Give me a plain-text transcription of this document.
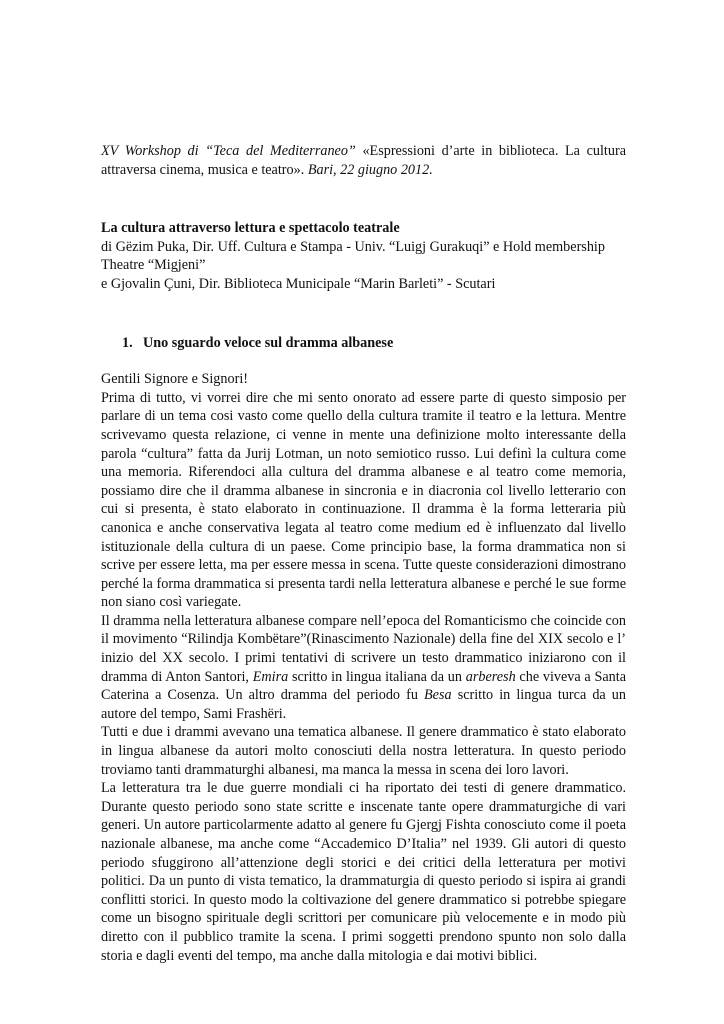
XV Workshop di “Teca del Mediterraneo” «Espressioni d’arte in biblioteca. La cultura attraversa cinema, musica e teatro». Bari, 22 giugno 2012.

La cultura attraverso lettura e spettacolo teatrale
di Gëzim Puka, Dir. Uff. Cultura e Stampa - Univ. “Luigj Gurakuqi” e Hold membership Theatre “Migjeni”
e Gjovalin Çuni, Dir. Biblioteca Municipale “Marin Barleti” - Scutari
1. Uno sguardo veloce sul dramma albanese

Gentili Signore e Signori!

Prima di tutto, vi vorrei dire che mi sento onorato ad essere parte di questo simposio per parlare di un tema cosi vasto come quello della cultura tramite il teatro e la lettura. Mentre scrivevamo questa relazione, ci venne in mente una definizione molto interessante della parola “cultura” fatta da Jurij Lotman, un noto semiotico russo. Lui definì la cultura come una memoria. Riferendoci alla cultura del dramma albanese e al teatro come memoria, possiamo dire che il dramma albanese in sincronia e in diacronia col livello letterario con cui si presenta, è stato elaborato in continuazione. Il dramma è la forma letteraria più canonica e anche conservativa legata al teatro come medium ed è influenzato dal livello istituzionale della cultura di un paese. Come principio base, la forma drammatica non si scrive per essere letta, ma per essere messa in scena. Tutte queste considerazioni dimostrano perché la forma drammatica si presenta tardi nella letteratura albanese e perché le sue forme non siano così variegate.

Il dramma nella letteratura albanese compare nell’epoca del Romanticismo che coincide con il movimento “Rilindja Kombëtare”(Rinascimento Nazionale) della fine del XIX secolo e l’ inizio del XX secolo. I primi tentativi di scrivere un testo drammatico iniziarono con il dramma di Anton Santori, Emira scritto in lingua italiana da un arberesh che viveva a Santa Caterina a Cosenza. Un altro dramma del periodo fu Besa scritto in lingua turca da un autore del tempo, Sami Frashëri.

Tutti e due i drammi avevano una tematica albanese. Il genere drammatico è stato elaborato in lingua albanese da autori molto conosciuti della nostra letteratura. In questo periodo troviamo tanti drammaturghi albanesi, ma manca la messa in scena dei loro lavori.

La letteratura tra le due guerre mondiali ci ha riportato dei testi di genere drammatico. Durante questo periodo sono state scritte e inscenate tante opere drammaturgiche di vari generi. Un autore particolarmente adatto al genere fu Gjergj Fishta conosciuto come il poeta nazionale albanese, ma anche come “Accademico D’Italia” nel 1939. Gli autori di questo periodo sfuggirono all’attenzione degli storici e dei critici della letteratura per motivi politici. Da un punto di vista tematico, la drammaturgia di questo periodo si ispira ai grandi conflitti storici. In questo modo la coltivazione del genere drammatico si potrebbe spiegare come un bisogno spirituale degli scrittori per comunicare più velocemente e in modo più diretto con il pubblico tramite la scena. I primi soggetti prendono spunto non solo dalla storia e dagli eventi del tempo, ma anche dalla mitologia e dai motivi biblici.
